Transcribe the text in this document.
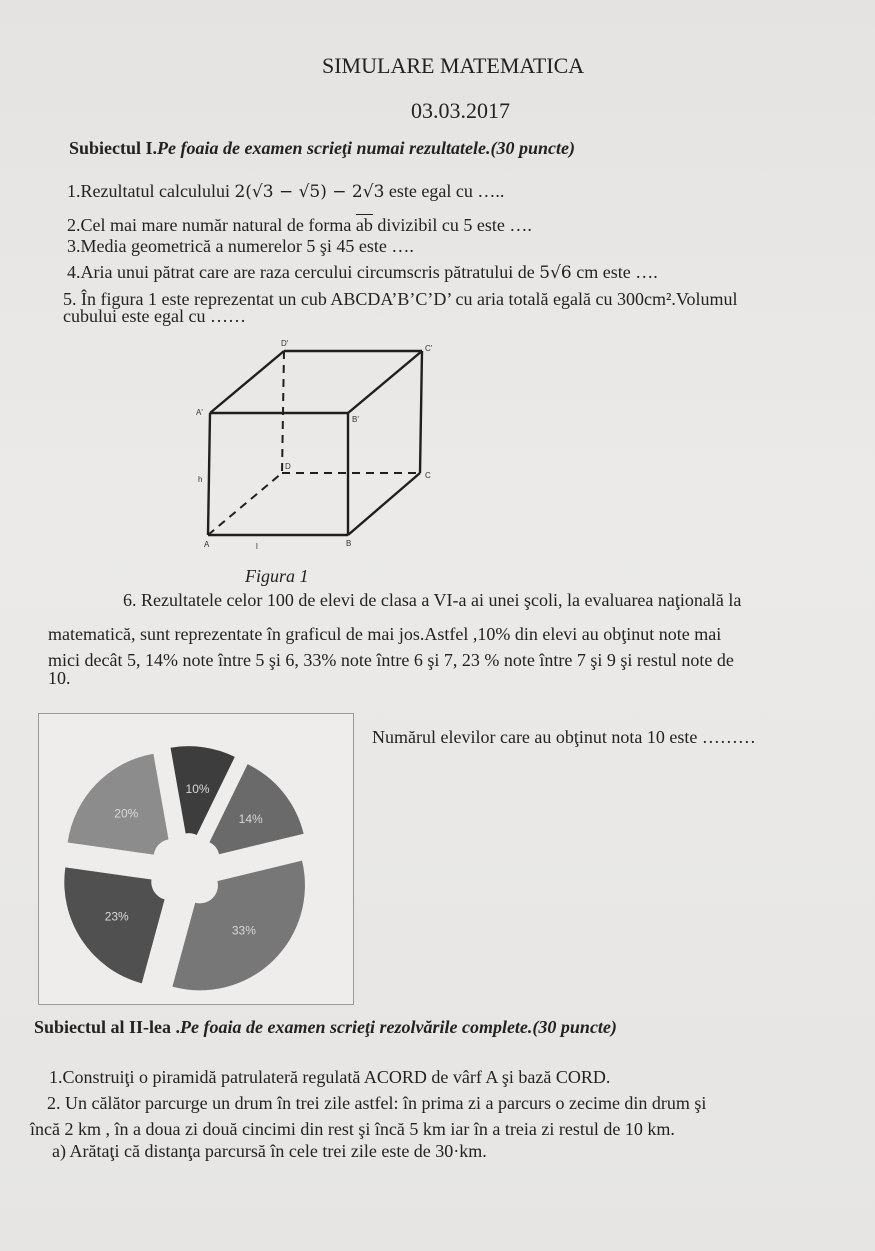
SIMULARE MATEMATICA
03.03.2017
Subiectul I.Pe foaia de examen scrieţi numai rezultatele.(30 puncte)
1.Rezultatul calculului 2(√3 − √5) − 2√3 este egal cu …..
2.Cel mai mare număr natural de forma $\overline{ab}$ divizibil cu 5 este ….
3.Media geometrică a numerelor 5 şi 45 este ….
4.Aria unui pătrat care are raza cercului circumscris pătratului de 5√6 cm este ….
5. În figura 1 este reprezentat un cub ABCDA’B’C’D’ cu aria totală egală cu 300cm².Volumul
cubului este egal cu ……
D'
C'
A'
B'
D
C
h
A	l	B
Figura 1
6. Rezultatele celor 100 de elevi de clasa a VI-a ai unei şcoli, la evaluarea naţională la
matematică, sunt reprezentate în graficul de mai jos.Astfel ,10% din elevi au obţinut note mai
mici decât 5, 14% note între 5 şi 6, 33% note între 6 şi 7, 23 % note între 7 şi 9 şi restul note de
10.
10%
14%
33%
23%
20%
Numărul elevilor care au obţinut nota 10 este ………
Subiectul al II-lea .Pe foaia de examen scrieţi rezolvările complete.(30 puncte)
1.Construiţi o piramidă patrulateră regulată ACORD de vârf A şi bază CORD.
2. Un călător parcurge un drum în trei zile astfel: în prima zi a parcurs o zecime din drum şi
încă 2 km , în a doua zi două cincimi din rest şi încă 5 km iar în a treia zi restul de 10 km.
a) Arătaţi că distanţa parcursă în cele trei zile este de 30·km.
